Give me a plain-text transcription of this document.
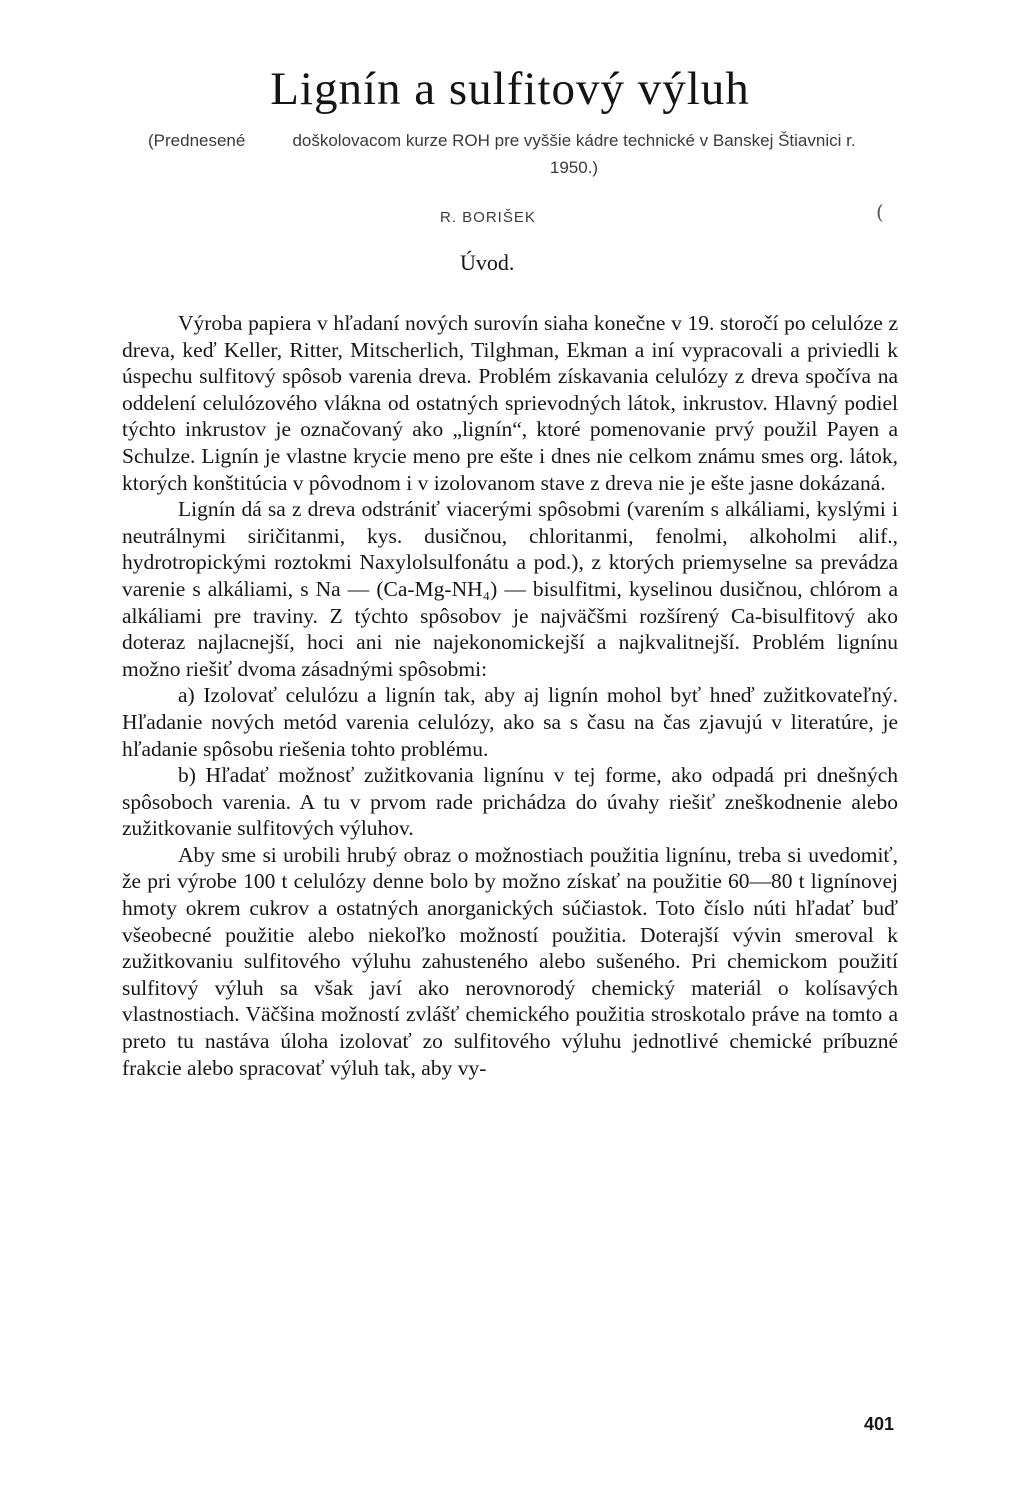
Lignín a sulfitový výluh
(Prednesené	doškolovacom kurze ROH pre vyššie kádre technické v Banskej Štiavnici r. 1950.)
R. BORIŠEK	(
Úvod.

Výroba papiera v hľadaní nových surovín siaha konečne v 19. storočí po celulóze z dreva, keď Keller, Ritter, Mitscherlich, Tilghman, Ekman a iní vypracovali a priviedli k úspechu sulfitový spôsob varenia dreva. Problém získavania celulózy z dreva spočíva na oddelení celulózového vlákna od ostatných sprievodných látok, inkrustov. Hlavný podiel týchto inkrustov je označovaný ako „lignín“, ktoré pomenovanie prvý použil Payen a Schulze. Lignín je vlastne krycie meno pre ešte i dnes nie celkom známu smes org. látok, ktorých konštitúcia v pôvodnom i v izolovanom stave z dreva nie je ešte jasne dokázaná.

Lignín dá sa z dreva odstrániť viacerými spôsobmi (varením s alkáliami, kyslými i neutrálnymi siričitanmi, kys. dusičnou, chloritanmi, fenolmi, alkoholmi alif., hydrotropickými roztokmi Naxylolsulfonátu a pod.), z ktorých priemyselne sa prevádza varenie s alkáliami, s Na — (Ca-Mg-NH₄) — bisulfitmi, kyselinou dusičnou, chlórom a alkáliami pre traviny. Z týchto spôsobov je najväčšmi rozšírený Ca-bisulfitový ako doteraz najlacnejší, hoci ani nie najekonomickejší a najkvalitnejší. Problém lignínu možno riešiť dvoma zásadnými spôsobmi:

a) Izolovať celulózu a lignín tak, aby aj lignín mohol byť hneď zužitkovateľný. Hľadanie nových metód varenia celulózy, ako sa s času na čas zjavujú v literatúre, je hľadanie spôsobu riešenia tohto problému.

b) Hľadať možnosť zužitkovania lignínu v tej forme, ako odpadá pri dnešných spôsoboch varenia. A tu v prvom rade prichádza do úvahy riešiť zneškodnenie alebo zužitkovanie sulfitových výluhov.

Aby sme si urobili hrubý obraz o možnostiach použitia lignínu, treba si uvedomiť, že pri výrobe 100 t celulózy denne bolo by možno získať na použitie 60—80 t lignínovej hmoty okrem cukrov a ostatných anorganických súčiastok. Toto číslo núti hľadať buď všeobecné použitie alebo niekoľko možností použitia. Doterajší vývin smeroval k zužitkovaniu sulfitového výluhu zahusteného alebo sušeného. Pri chemickom použití sulfitový výluh sa však javí ako nerovnorodý chemický materiál o kolísavých vlastnostiach. Väčšina možností zvlášť chemického použitia stroskotalo práve na tomto a preto tu nastáva úloha izolovať zo sulfitového výluhu jednotlivé chemické príbuzné frakcie alebo spracovať výluh tak, aby vy-

401
